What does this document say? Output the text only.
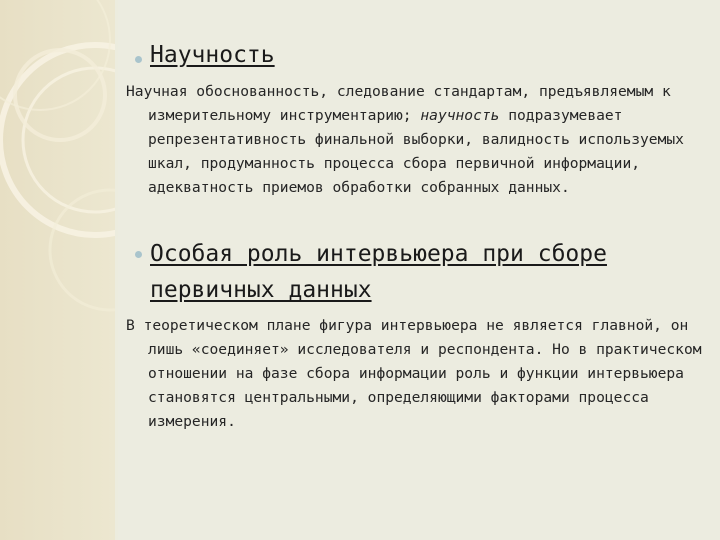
Научность
Научная обоснованность, следование стандартам, предъявляемым к измерительному инструментарию; научность подразумевает репрезентативность финальной выборки, валидность используемых шкал, продуманность процесса сбора первичной информации, адекватность приемов обработки собранных данных.
Особая роль интервьюера при сборе первичных данных
В теоретическом плане фигура интервьюера не является главной, он лишь «соединяет» исследователя и респондента. Но в практическом отношении на фазе сбора информации роль и функции интервьюера становятся центральными, определяющими факторами процесса измерения.
